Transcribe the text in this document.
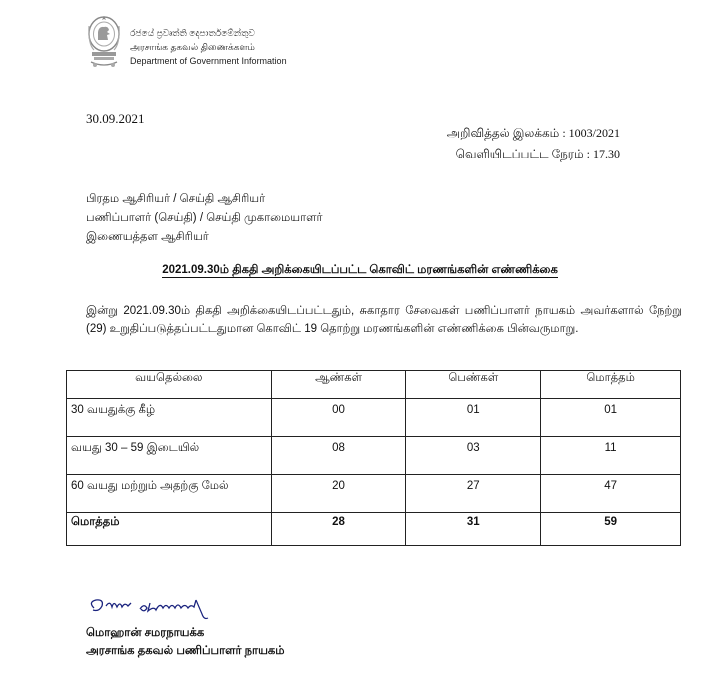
රජයේ ප්‍රවෘත්ති දෙපාර්තමේන්තුව
அரசாங்க தகவல் திணைக்களம்
Department of Government Information
30.09.2021
அறிவித்தல் இலக்கம் : 1003/2021
வெளியிடப்பட்ட நேரம் : 17.30
பிரதம ஆசிரியர் / செய்தி ஆசிரியர்
பணிப்பாளர் (செய்தி) / செய்தி முகாமையாளர்
இணையத்தள ஆசிரியர்
2021.09.30ம் திகதி அறிக்கையிடப்பட்ட கொவிட் மரணங்களின் எண்ணிக்கை
இன்று 2021.09.30ம் திகதி அறிக்கையிடப்பட்டதும், சுகாதார சேவைகள் பணிப்பாளர் நாயகம் அவர்களால் நேற்று (29) உறுதிப்படுத்தப்பட்டதுமான கொவிட் 19 தொற்று மரணங்களின் எண்ணிக்கை பின்வருமாறு.
வயதெல்லை	ஆண்கள்	பெண்கள்	மொத்தம்
30 வயதுக்கு கீழ்	00	01	01
வயது 30 – 59 இடையில்	08	03	11
60 வயது மற்றும் அதற்கு மேல்	20	27	47
மொத்தம்	28	31	59
மொஹான் சமரநாயக்க
அரசாங்க தகவல் பணிப்பாளர் நாயகம்
